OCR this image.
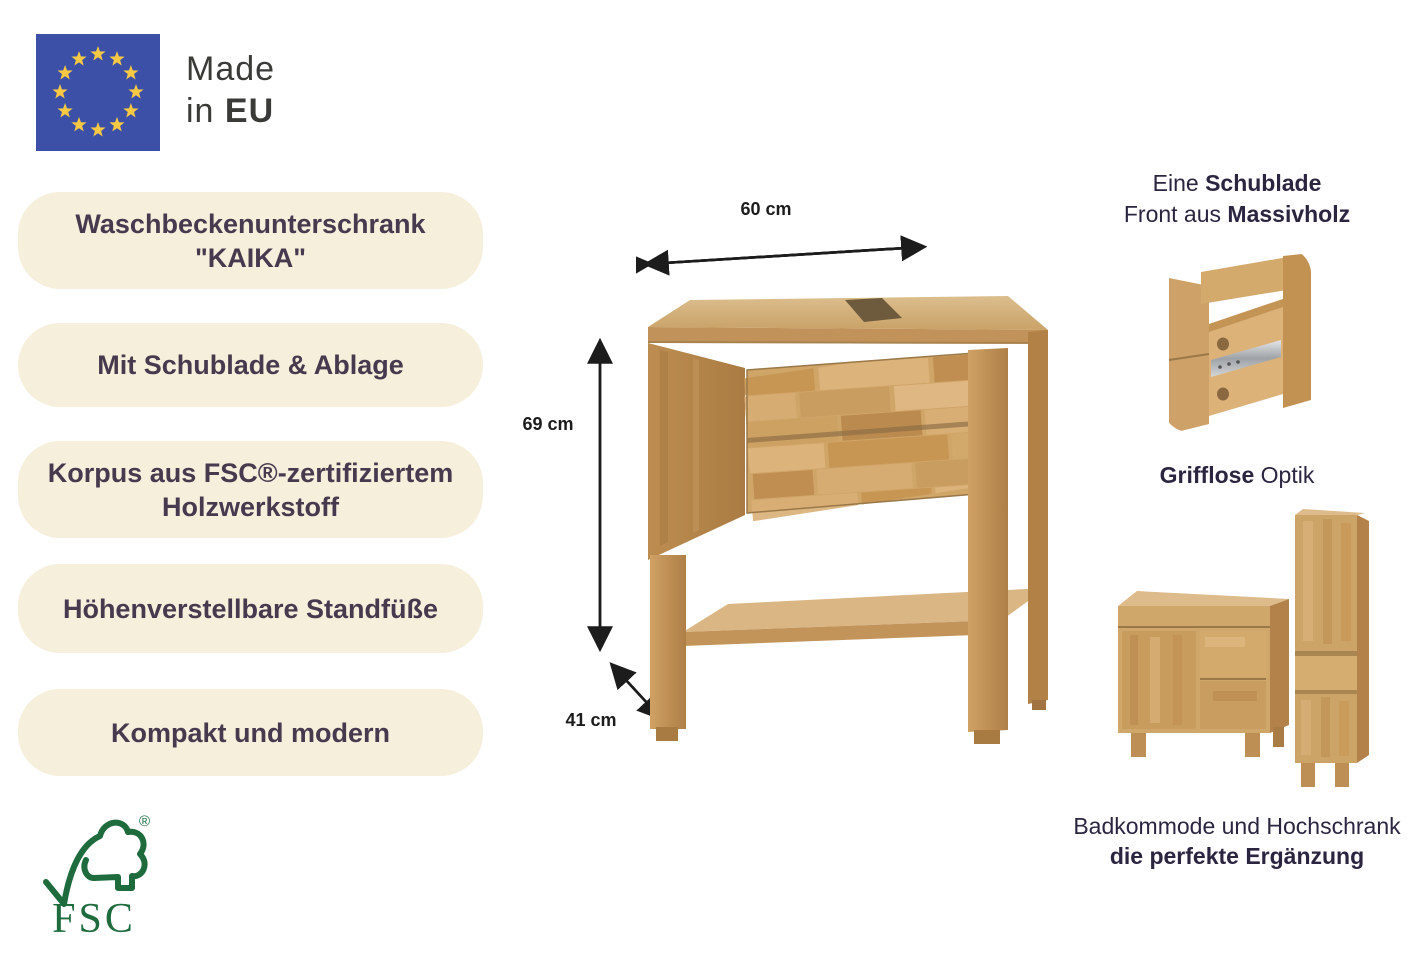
Made
in EU
Waschbeckenunterschrank
"KAIKA"
Mit Schublade & Ablage
Korpus aus FSC®-zertifiziertem
Holzwerkstoff
Höhenverstellbare Standfüße
Kompakt und modern
60 cm
69 cm
41 cm
Eine Schublade
Front aus Massivholz
Grifflose Optik
Badkommode und Hochschrank
die perfekte Ergänzung
®
FSC
